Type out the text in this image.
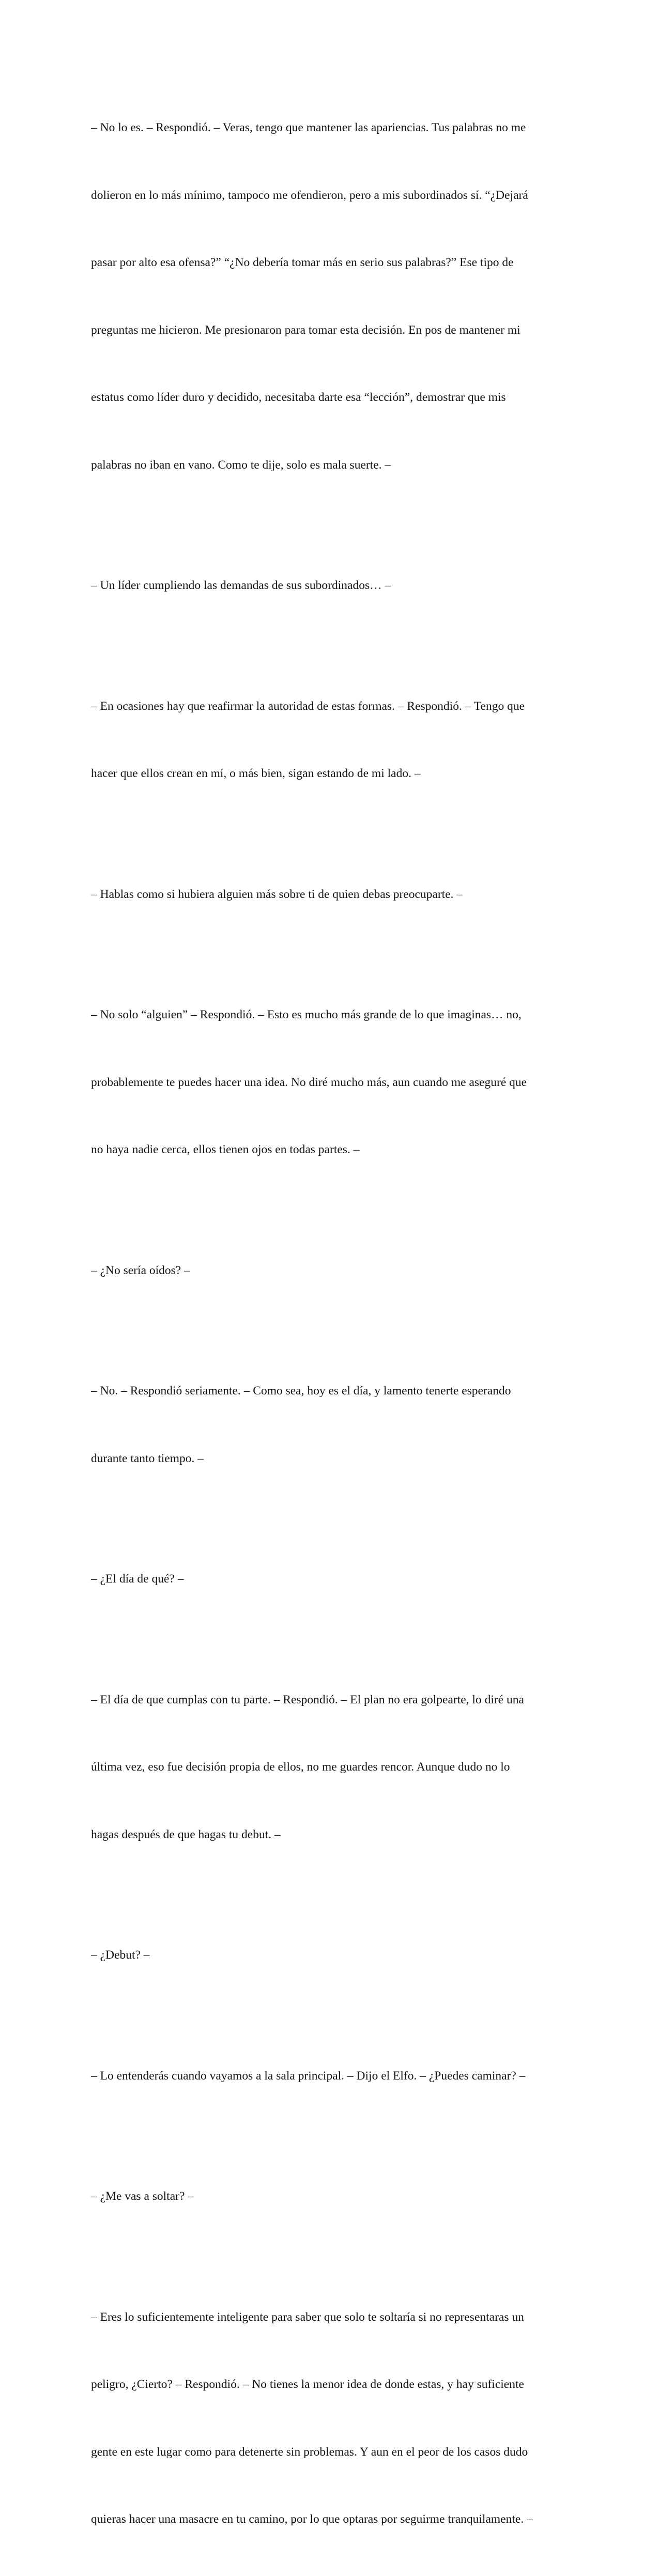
– No lo es. – Respondió. – Veras, tengo que mantener las apariencias. Tus palabras no me

dolieron en lo más mínimo, tampoco me ofendieron, pero a mis subordinados sí. “¿Dejará

pasar por alto esa ofensa?” “¿No debería tomar más en serio sus palabras?” Ese tipo de

preguntas me hicieron. Me presionaron para tomar esta decisión. En pos de mantener mi

estatus como líder duro y decidido, necesitaba darte esa “lección”, demostrar que mis

palabras no iban en vano. Como te dije, solo es mala suerte. –

– Un líder cumpliendo las demandas de sus subordinados… –

– En ocasiones hay que reafirmar la autoridad de estas formas. – Respondió. – Tengo que

hacer que ellos crean en mí, o más bien, sigan estando de mi lado. –

– Hablas como si hubiera alguien más sobre ti de quien debas preocuparte. –

– No solo “alguien” – Respondió. – Esto es mucho más grande de lo que imaginas… no,

probablemente te puedes hacer una idea. No diré mucho más, aun cuando me aseguré que

no haya nadie cerca, ellos tienen ojos en todas partes. –

– ¿No sería oídos? –

– No. – Respondió seriamente. – Como sea, hoy es el día, y lamento tenerte esperando

durante tanto tiempo. –

– ¿El día de qué? –

– El día de que cumplas con tu parte. – Respondió. – El plan no era golpearte, lo diré una

última vez, eso fue decisión propia de ellos, no me guardes rencor. Aunque dudo no lo

hagas después de que hagas tu debut. –

– ¿Debut? –

– Lo entenderás cuando vayamos a la sala principal. – Dijo el Elfo. – ¿Puedes caminar? –

– ¿Me vas a soltar? –

– Eres lo suficientemente inteligente para saber que solo te soltaría si no representaras un

peligro, ¿Cierto? – Respondió. – No tienes la menor idea de donde estas, y hay suficiente

gente en este lugar como para detenerte sin problemas. Y aun en el peor de los casos dudo

quieras hacer una masacre en tu camino, por lo que optaras por seguirme tranquilamente. –
